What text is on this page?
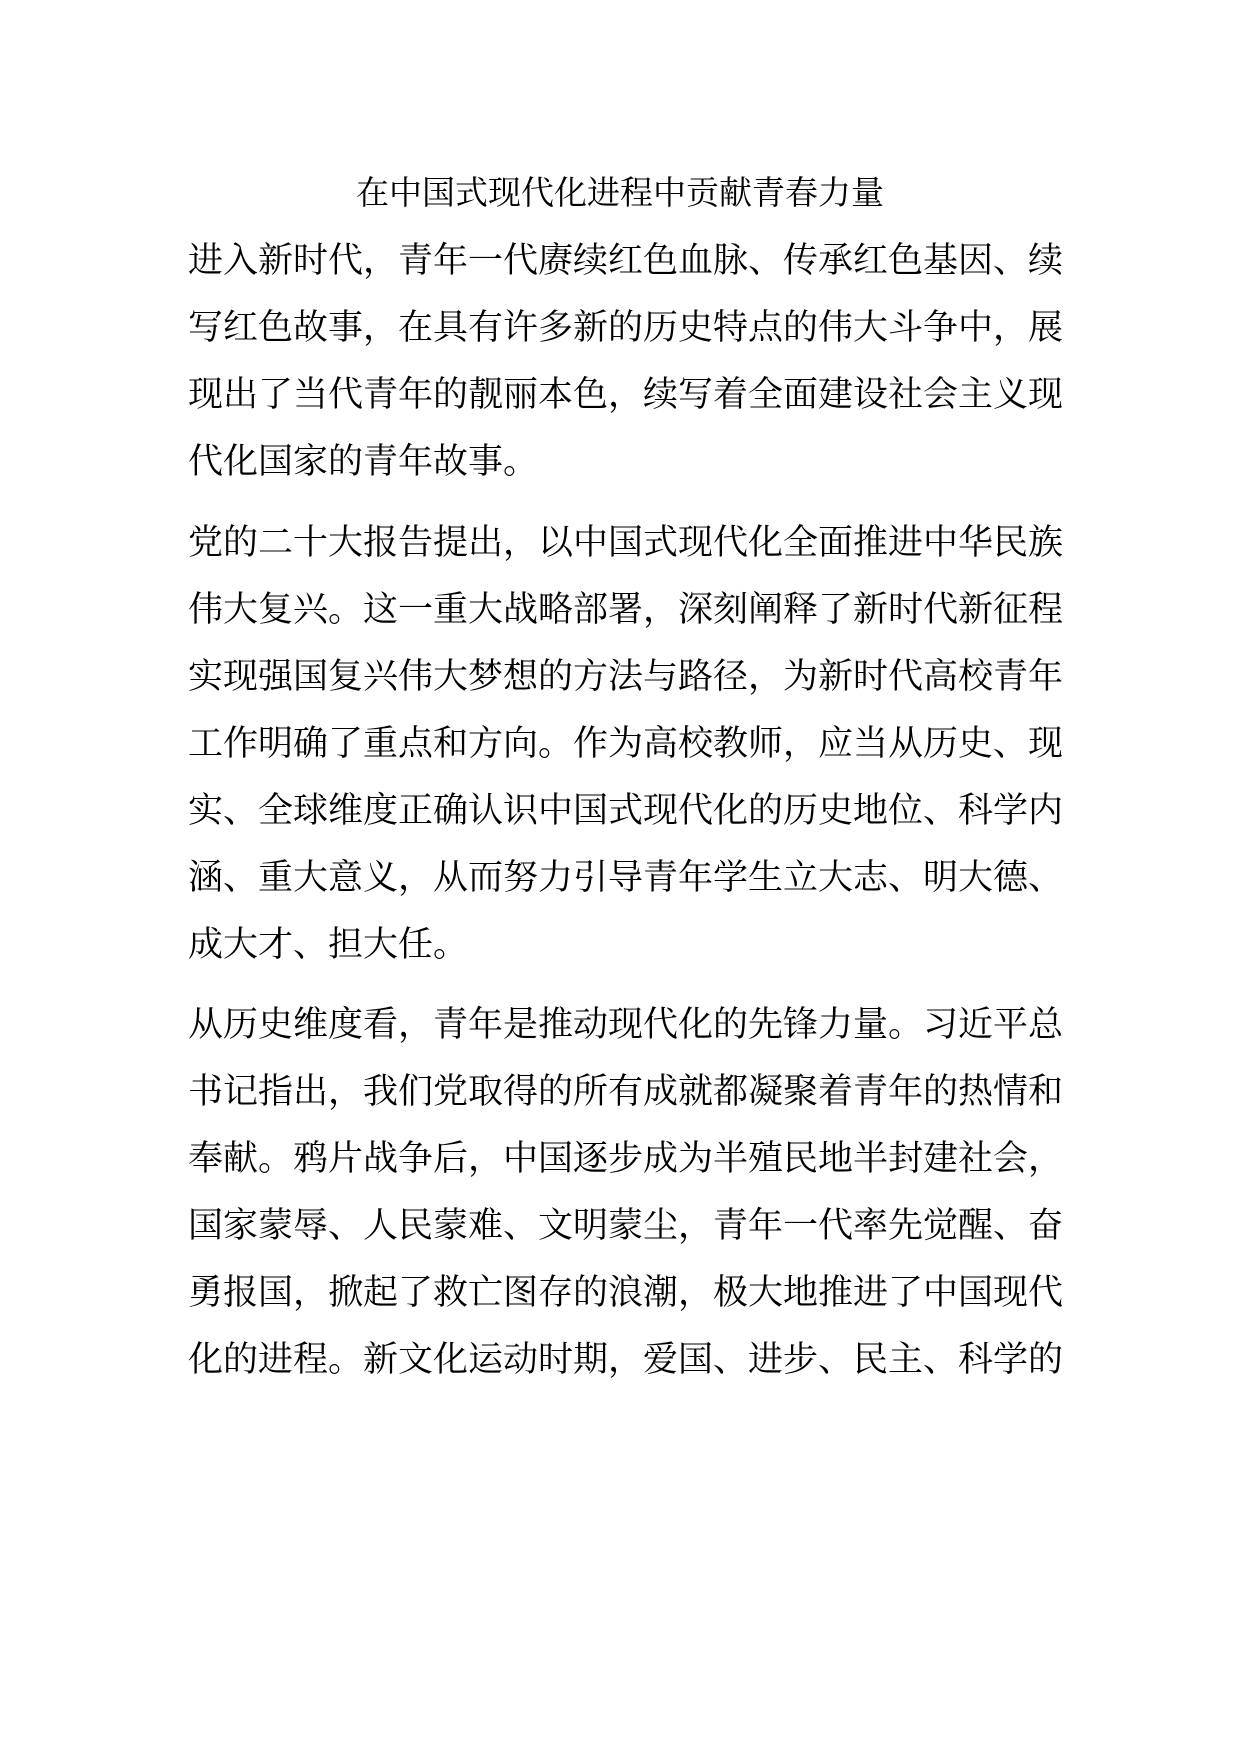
在中国式现代化进程中贡献青春力量

进入新时代，青年一代赓续红色血脉、传承红色基因、续

写红色故事，在具有许多新的历史特点的伟大斗争中，展

现出了当代青年的靓丽本色，续写着全面建设社会主义现

代化国家的青年故事。

党的二十大报告提出，以中国式现代化全面推进中华民族

伟大复兴。这一重大战略部署，深刻阐释了新时代新征程

实现强国复兴伟大梦想的方法与路径，为新时代高校青年

工作明确了重点和方向。作为高校教师，应当从历史、现

实、全球维度正确认识中国式现代化的历史地位、科学内

涵、重大意义，从而努力引导青年学生立大志、明大德、

成大才、担大任。

从历史维度看，青年是推动现代化的先锋力量。习近平总

书记指出，我们党取得的所有成就都凝聚着青年的热情和

奉献。鸦片战争后，中国逐步成为半殖民地半封建社会，

国家蒙辱、人民蒙难、文明蒙尘，青年一代率先觉醒、奋

勇报国，掀起了救亡图存的浪潮，极大地推进了中国现代

化的进程。新文化运动时期，爱国、进步、民主、科学的
